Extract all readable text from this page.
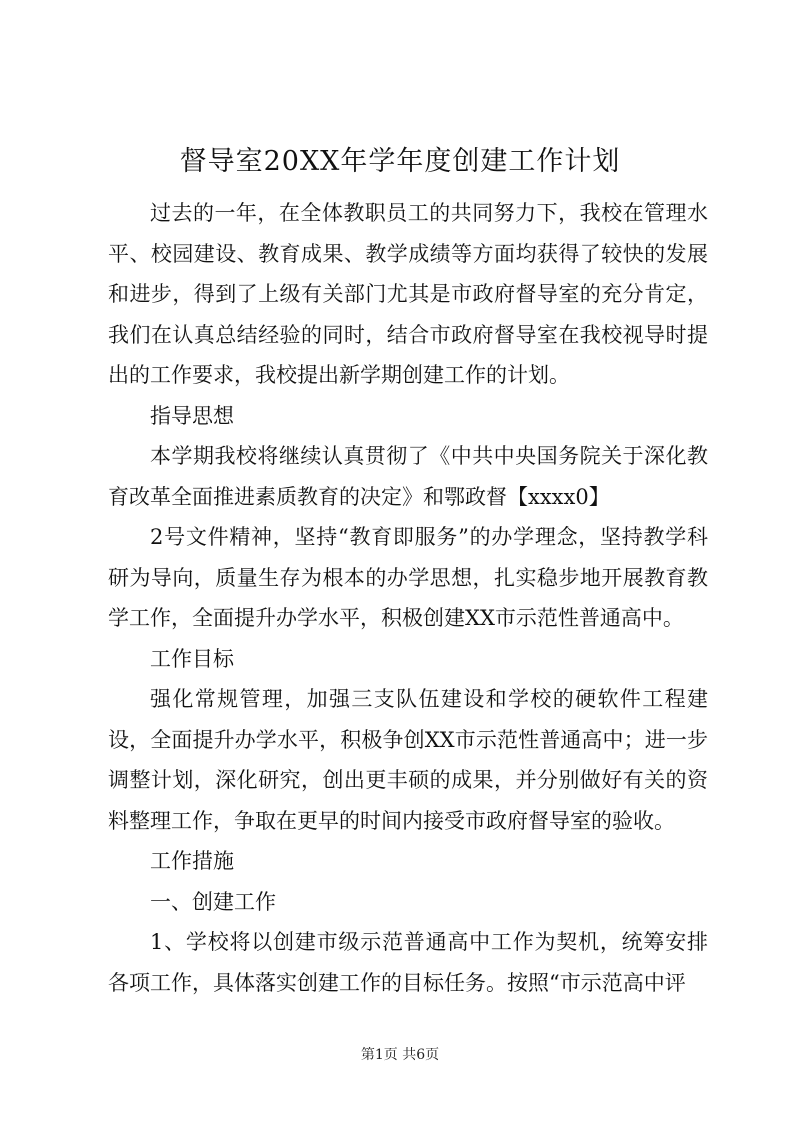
督导室20XX年学年度创建工作计划

过去的一年，在全体教职员工的共同努力下，我校在管理水平、校园建设、教育成果、教学成绩等方面均获得了较快的发展和进步，得到了上级有关部门尤其是市政府督导室的充分肯定，我们在认真总结经验的同时，结合市政府督导室在我校视导时提出的工作要求，我校提出新学期创建工作的计划。

指导思想

本学期我校将继续认真贯彻了《中共中央国务院关于深化教育改革全面推进素质教育的决定》和鄂政督【xxxx0】

2号文件精神，坚持“教育即服务”的办学理念，坚持教学科研为导向，质量生存为根本的办学思想，扎实稳步地开展教育教学工作，全面提升办学水平，积极创建XX市示范性普通高中。

工作目标

强化常规管理，加强三支队伍建设和学校的硬软件工程建设，全面提升办学水平，积极争创XX市示范性普通高中；进一步调整计划，深化研究，创出更丰硕的成果，并分别做好有关的资料整理工作，争取在更早的时间内接受市政府督导室的验收。

工作措施

一、创建工作

1、学校将以创建市级示范普通高中工作为契机，统筹安排各项工作，具体落实创建工作的目标任务。按照“市示范高中评

第1页 共6页
